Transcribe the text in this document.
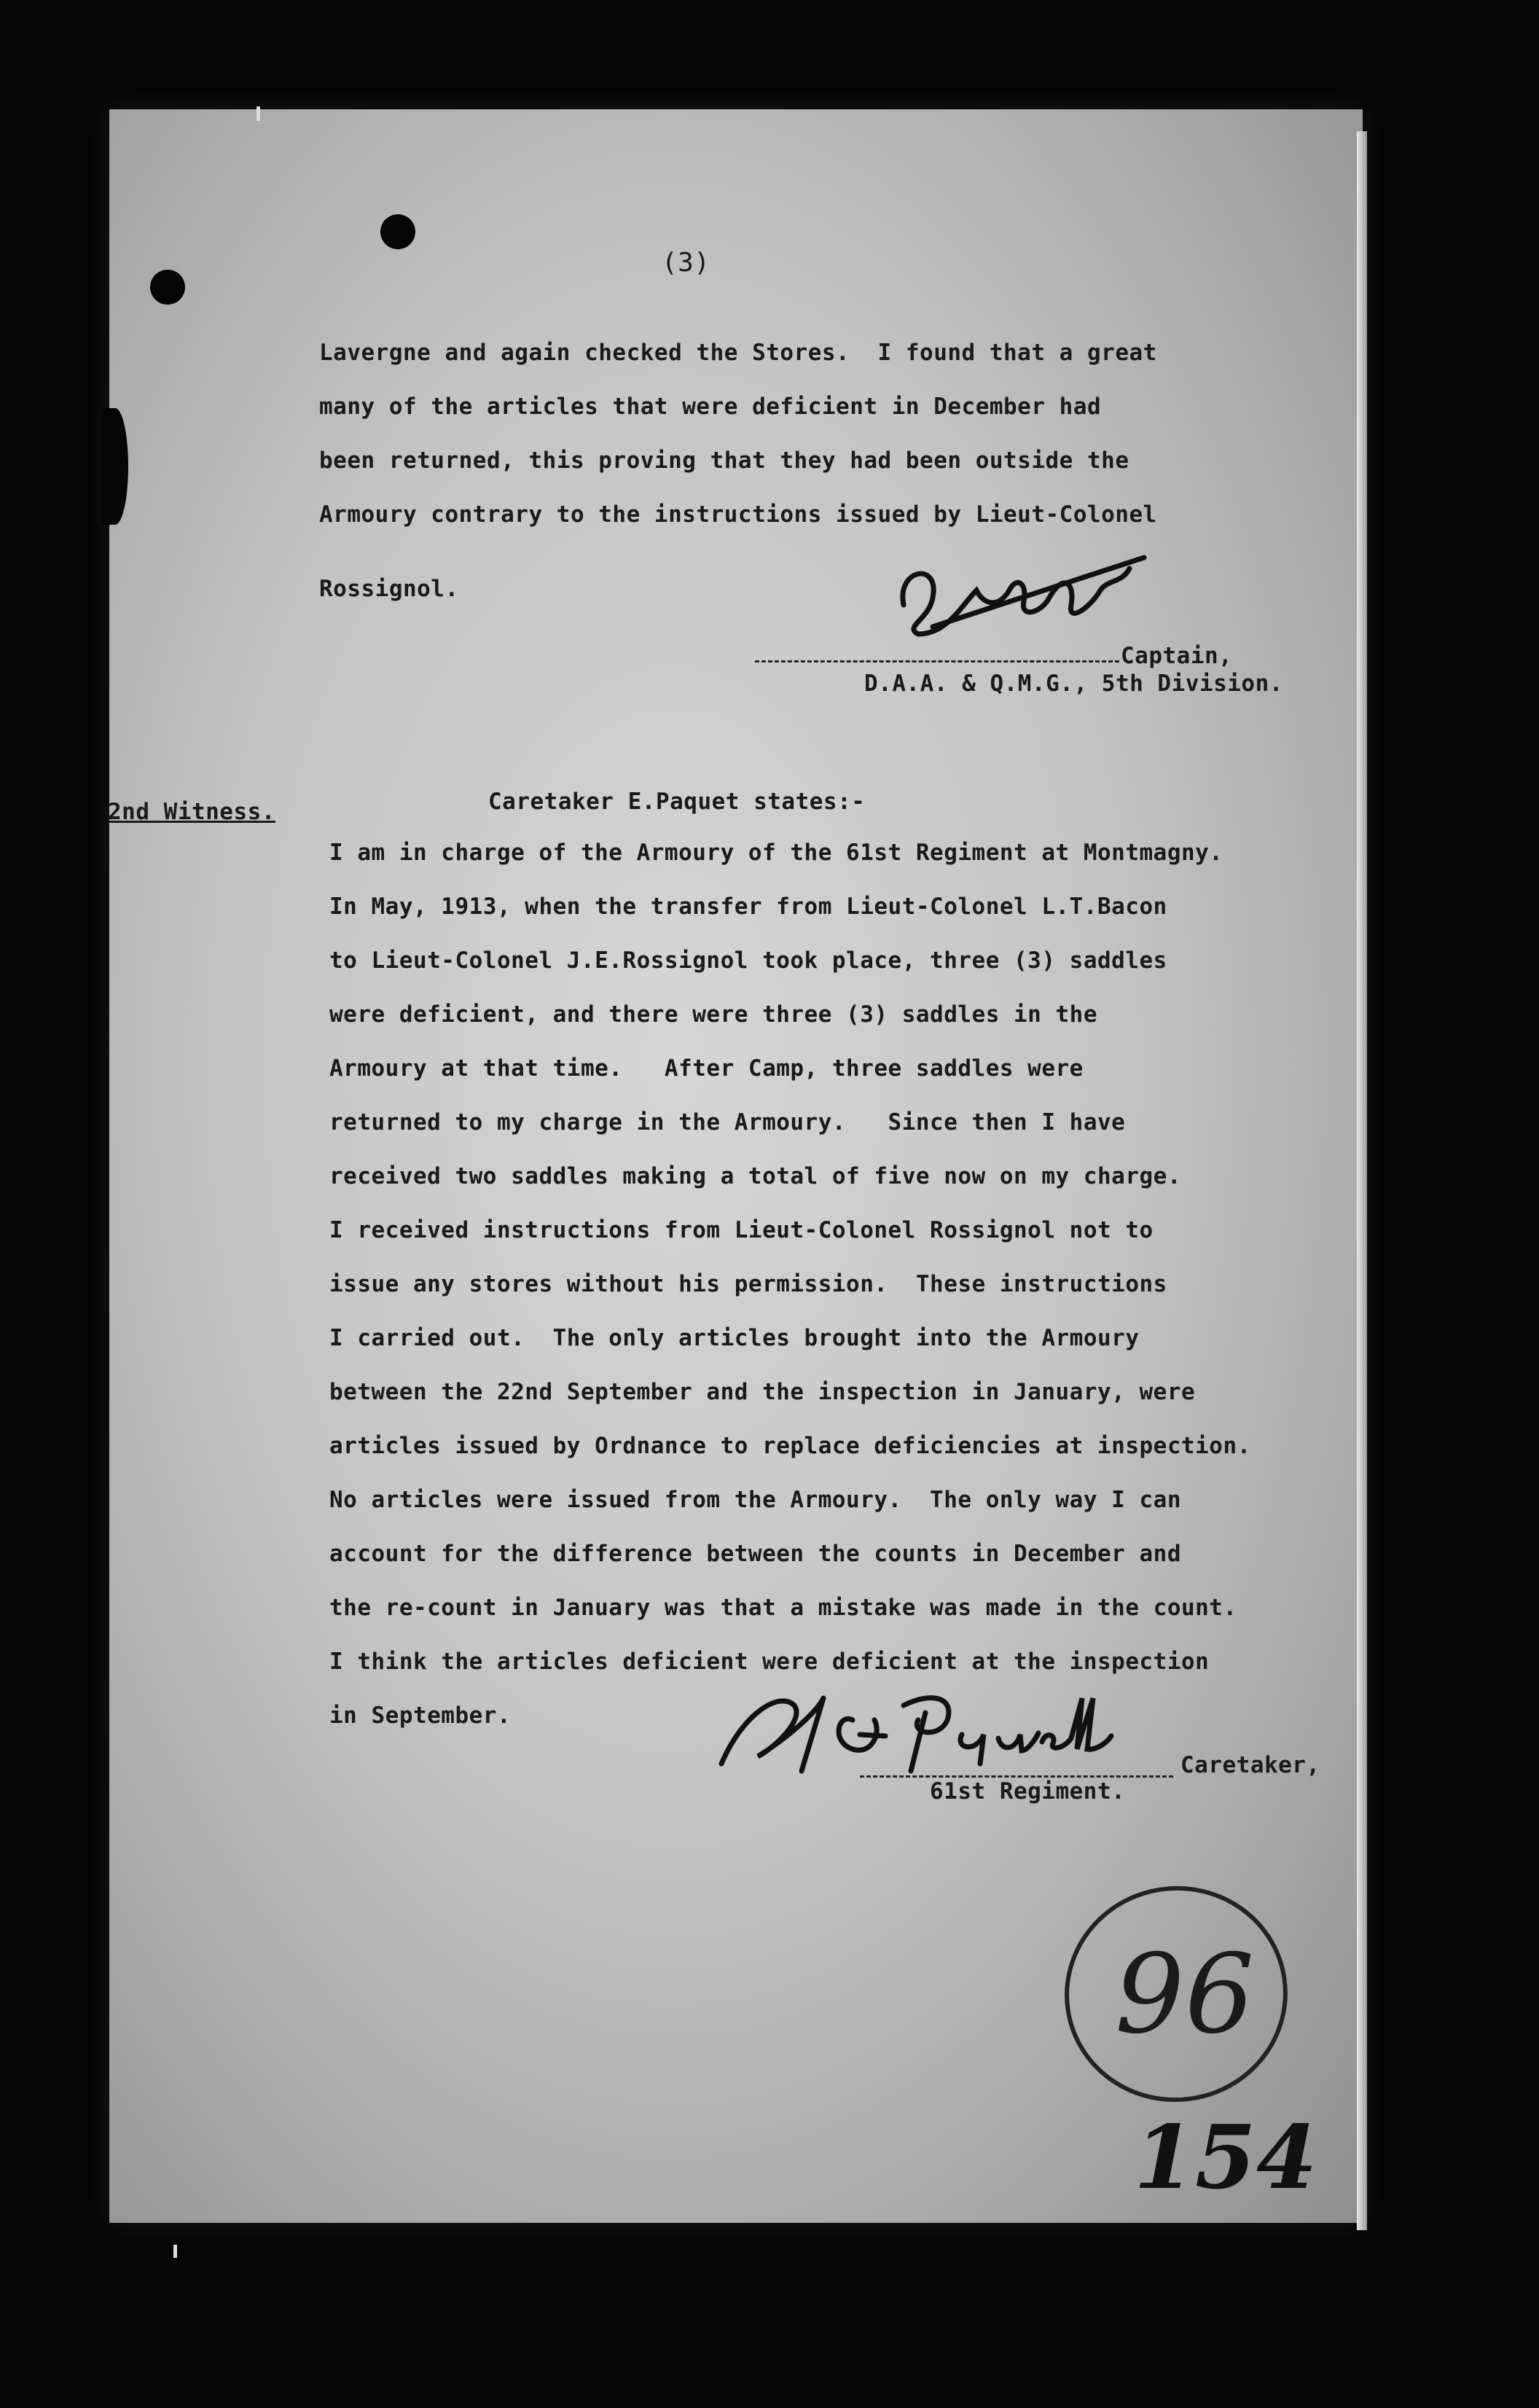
(3)
Lavergne and again checked the Stores.  I found that a great
many of the articles that were deficient in December had
been returned, this proving that they had been outside the
Armoury contrary to the instructions issued by Lieut-Colonel
Rossignol.
Captain,
D.A.A. & Q.M.G., 5th Division.
2nd Witness.	Caretaker E.Paquet states:-
I am in charge of the Armoury of the 61st Regiment at Montmagny.
In May, 1913, when the transfer from Lieut-Colonel L.T.Bacon
to Lieut-Colonel J.E.Rossignol took place, three (3) saddles
were deficient, and there were three (3) saddles in the
Armoury at that time.   After Camp, three saddles were
returned to my charge in the Armoury.   Since then I have
received two saddles making a total of five now on my charge.
I received instructions from Lieut-Colonel Rossignol not to
issue any stores without his permission.  These instructions
I carried out.  The only articles brought into the Armoury
between the 22nd September and the inspection in January, were
articles issued by Ordnance to replace deficiencies at inspection.
No articles were issued from the Armoury.  The only way I can
account for the difference between the counts in December and
the re-count in January was that a mistake was made in the count.
I think the articles deficient were deficient at the inspection
in September.
Caretaker,
61st Regiment.
96
154
